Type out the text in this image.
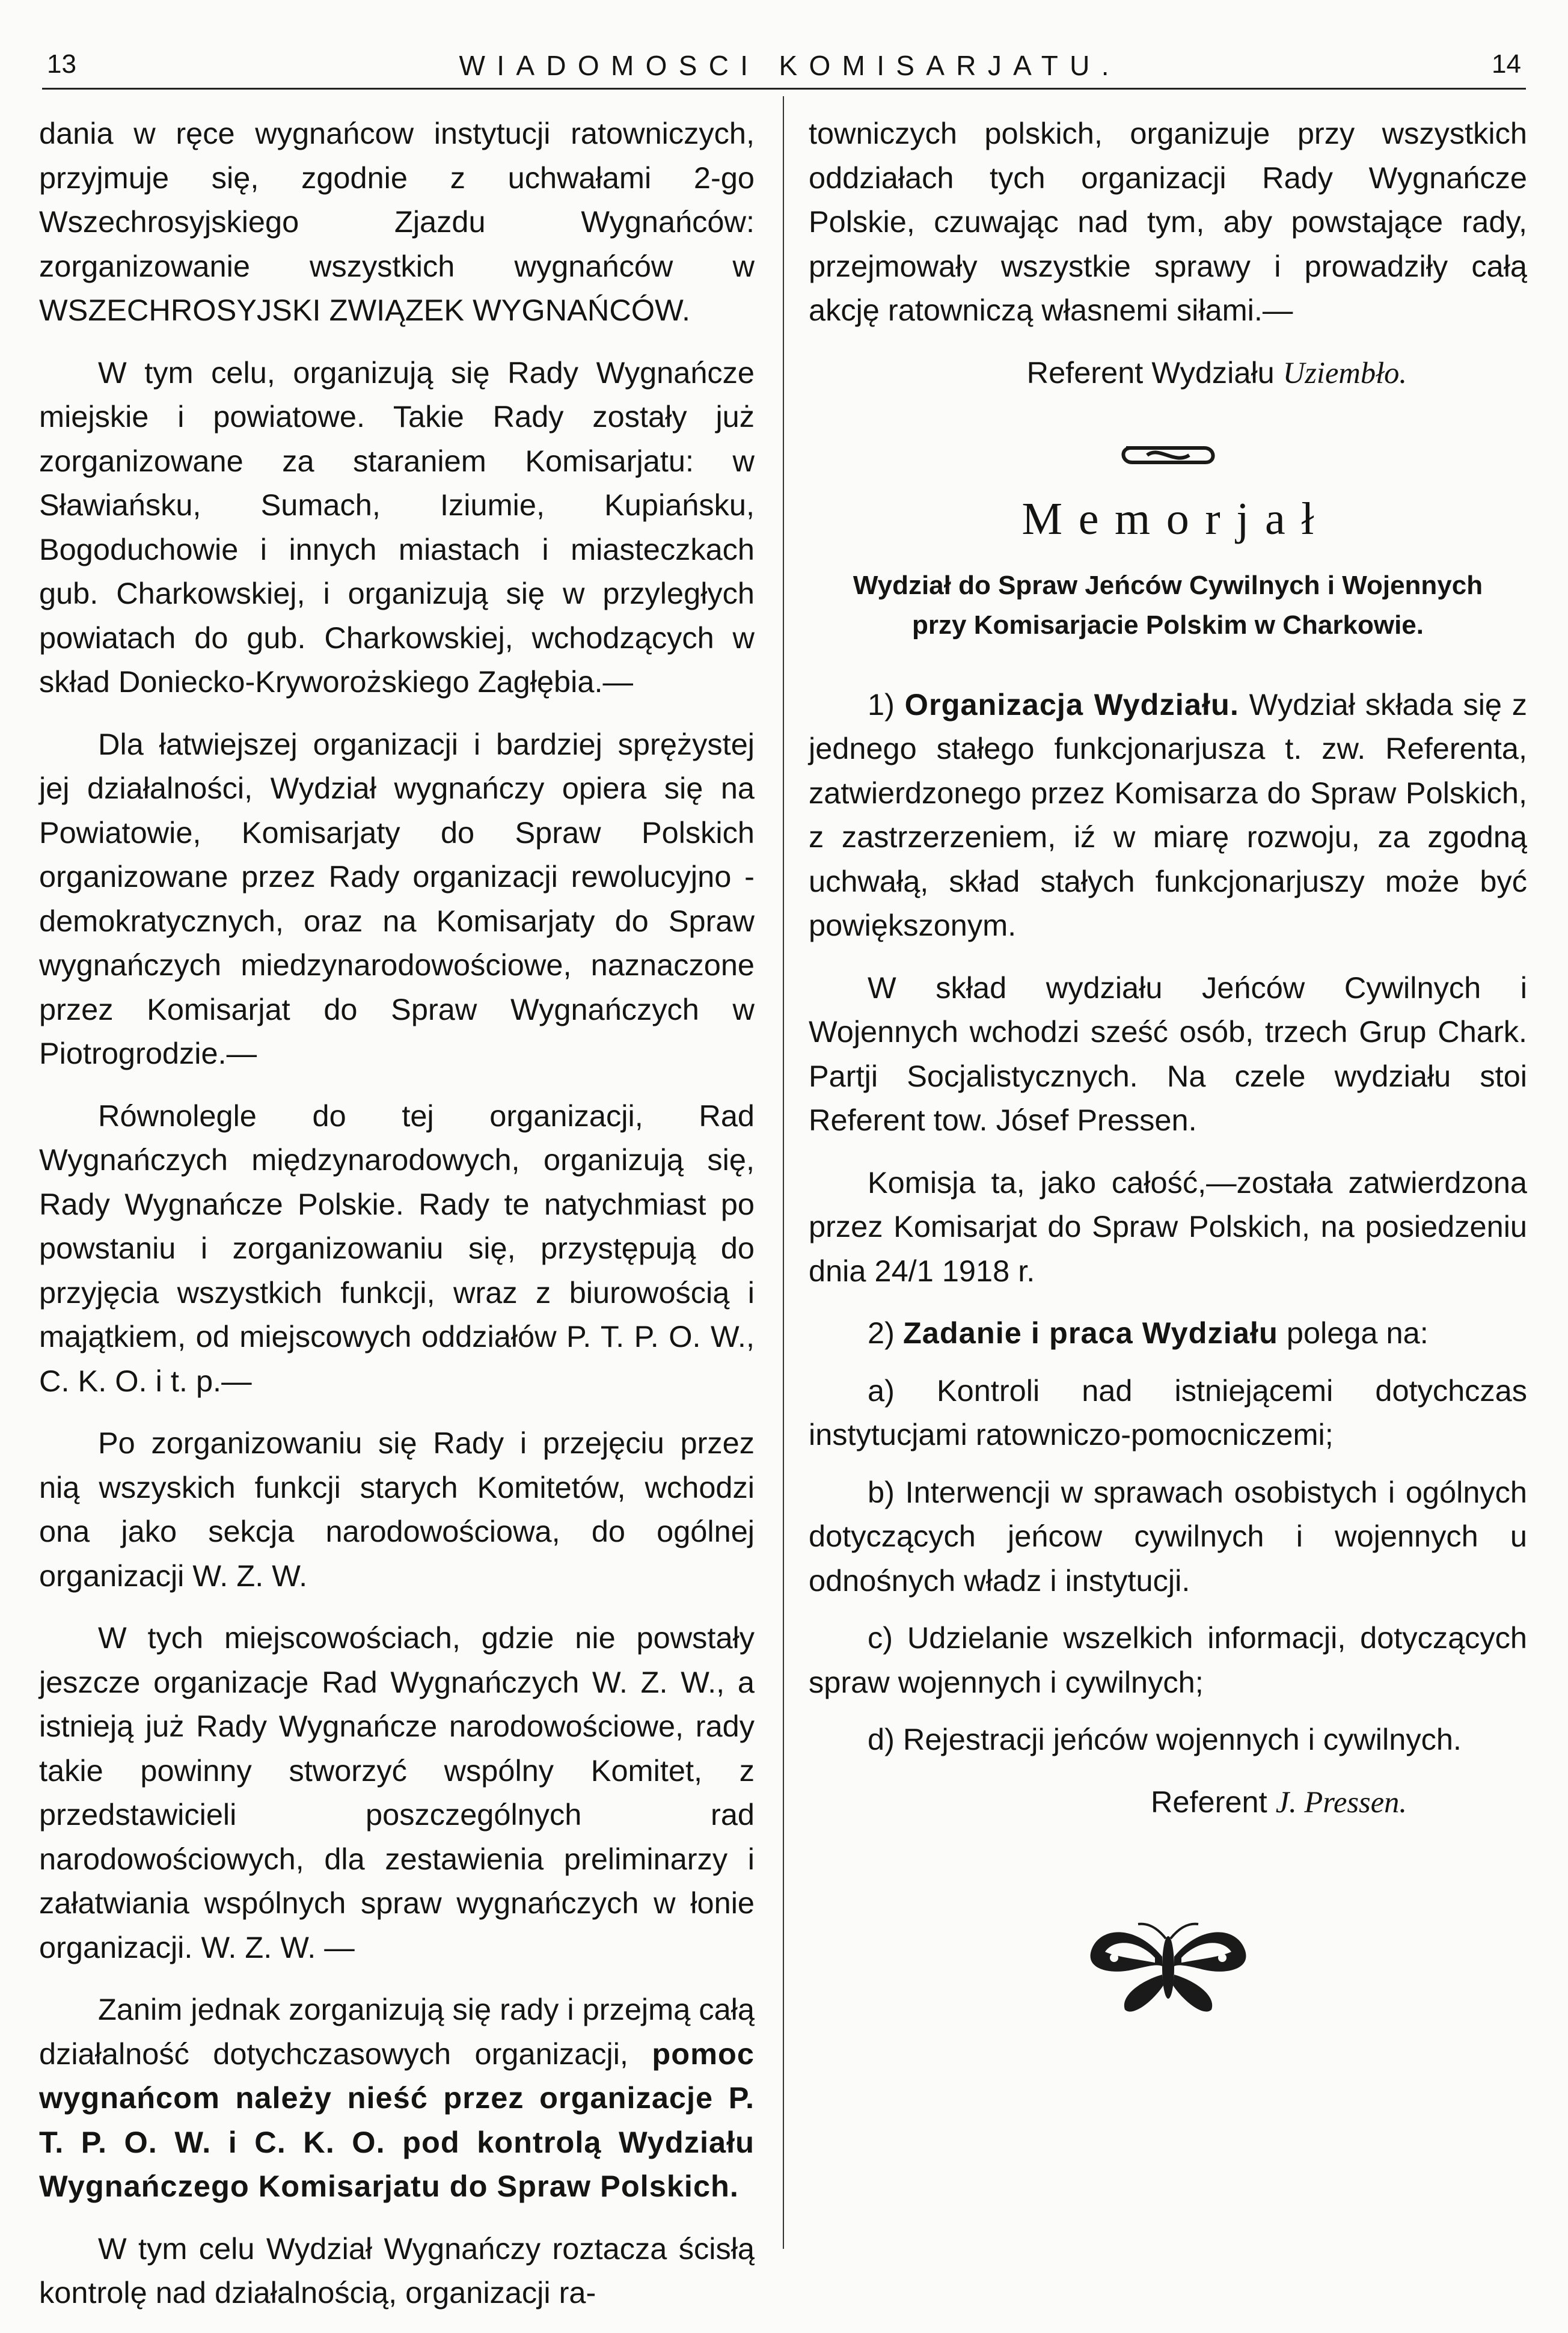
13	WIADOMOSCI KOMISARJATU.	14

dania w ręce wygnańcow instytucji ratowniczych, przyjmuje się, zgodnie z uchwałami 2-go Wszechrosyjskiego Zjazdu Wygnańców: zorganizowanie wszystkich wygnańców w WSZECHROSYJSKI ZWIĄZEK WYGNAŃCÓW.

W tym celu, organizują się Rady Wygnańcze miejskie i powiatowe. Takie Rady zostały już zorganizowane za staraniem Komisarjatu: w Sławiańsku, Sumach, Iziumie, Kupiańsku, Bogoduchowie i innych miastach i miasteczkach gub. Charkowskiej, i organizują się w przyległych powiatach do gub. Charkowskiej, wchodzących w skład Doniecko-Kryworożskiego Zagłębia.—

Dla łatwiejszej organizacji i bardziej sprężystej jej działalności, Wydział wygnańczy opiera się na Powiatowie, Komisarjaty do Spraw Polskich organizowane przez Rady organizacji rewolucyjno - demokratycznych, oraz na Komisarjaty do Spraw wygnańczych miedzynarodowościowe, naznaczone przez Komisarjat do Spraw Wygnańczych w Piotrogrodzie.—

Równolegle do tej organizacji, Rad Wygnańczych międzynarodowych, organizują się, Rady Wygnańcze Polskie. Rady te natychmiast po powstaniu i zorganizowaniu się, przystępują do przyjęcia wszystkich funkcji, wraz z biurowością i majątkiem, od miejscowych oddziałów P. T. P. O. W., C. K. O. i t. p.—

Po zorganizowaniu się Rady i przejęciu przez nią wszyskich funkcji starych Komitetów, wchodzi ona jako sekcja narodowościowa, do ogólnej organizacji W. Z. W.

W tych miejscowościach, gdzie nie powstały jeszcze organizacje Rad Wygnańczych W. Z. W., a istnieją już Rady Wygnańcze narodowościowe, rady takie powinny stworzyć wspólny Komitet, z przedstawicieli poszczególnych rad narodowościowych, dla zestawienia preliminarzy i załatwiania wspólnych spraw wygnańczych w łonie organizacji. W. Z. W. —

Zanim jednak zorganizują się rady i przejmą całą działalność dotychczasowych organizacji, pomoc wygnańcom należy nieść przez organizacje P. T. P. O. W. i C. K. O. pod kontrolą Wydziału Wygnańczego Komisarjatu do Spraw Polskich.

W tym celu Wydział Wygnańczy roztacza ścisłą kontrolę nad działalnością, organizacji ra-

towniczych polskich, organizuje przy wszystkich oddziałach tych organizacji Rady Wygnańcze Polskie, czuwając nad tym, aby powstające rady, przejmowały wszystkie sprawy i prowadziły całą akcję ratowniczą własnemi siłami.—

Referent Wydziału Uziembło.

Memorjał
Wydział do Spraw Jeńców Cywilnych i Wojennych
przy Komisarjacie Polskim w Charkowie.

1) Organizacja Wydziału. Wydział składa się z jednego stałego funkcjonarjusza t. zw. Referenta, zatwierdzonego przez Komisarza do Spraw Polskich, z zastrzerzeniem, iź w miarę rozwoju, za zgodną uchwałą, skład stałych funkcjonarjuszy może być powiększonym.

W skład wydziału Jeńców Cywilnych i Wojennych wchodzi sześć osób, trzech Grup Chark. Partji Socjalistycznych. Na czele wydziału stoi Referent tow. Jósef Pressen.

Komisja ta, jako całość,—została zatwierdzona przez Komisarjat do Spraw Polskich, na posiedzeniu dnia 24/1 1918 r.

2) Zadanie i praca Wydziału polega na:

a) Kontroli nad istniejącemi dotychczas instytucjami ratowniczo-pomocniczemi;

b) Interwencji w sprawach osobistych i ogólnych dotyczących jeńcow cywilnych i wojennych u odnośnych władz i instytucji.

c) Udzielanie wszelkich informacji, dotyczących spraw wojennych i cywilnych;

d) Rejestracji jeńców wojennych i cywilnych.

Referent J. Pressen.
